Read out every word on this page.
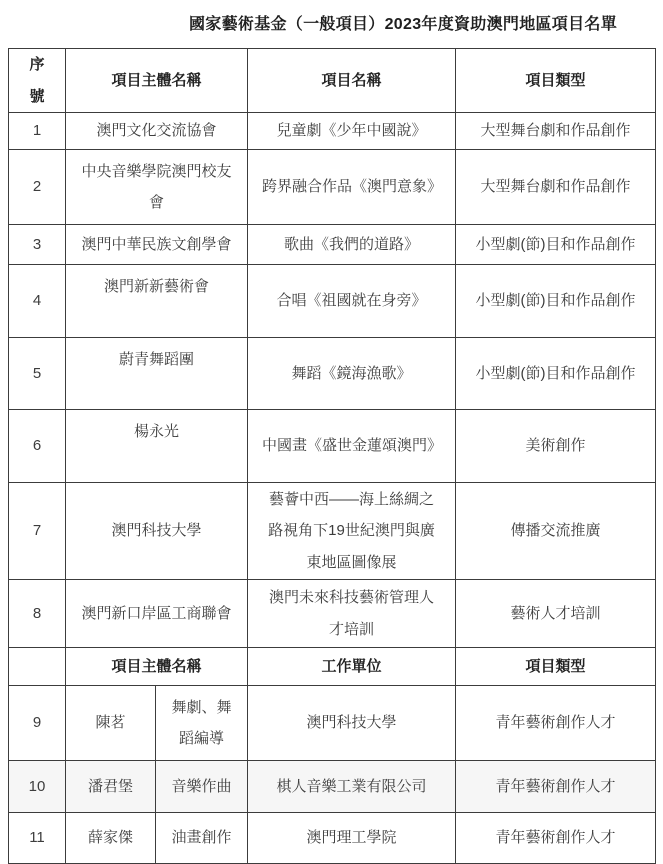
國家藝術基金（一般項目）2023年度資助澳門地區項目名單
序號	項目主體名稱		項目名稱	項目類型
1	澳門文化交流協會		兒童劇《少年中國說》	大型舞台劇和作品創作
2	中央音樂學院澳門校友會		跨界融合作品《澳門意象》	大型舞台劇和作品創作
3	澳門中華民族文創學會		歌曲《我們的道路》	小型劇(節)目和作品創作
4	澳門新新藝術會		合唱《祖國就在身旁》	小型劇(節)目和作品創作
5	蔚青舞蹈團		舞蹈《鏡海漁歌》	小型劇(節)目和作品創作
6	楊永光		中國畫《盛世金蓮頌澳門》	美術創作
7	澳門科技大學		藝薈中西——海上絲綢之路視角下19世紀澳門與廣東地區圖像展	傳播交流推廣
8	澳門新口岸區工商聯會		澳門未來科技藝術管理人才培訓	藝術人才培訓
	項目主體名稱		工作單位	項目類型
9	陳茗	舞劇、舞蹈編導	澳門科技大學	青年藝術創作人才
10	潘君堡	音樂作曲	棋人音樂工業有限公司	青年藝術創作人才
11	薛家傑	油畫創作	澳門理工學院	青年藝術創作人才
